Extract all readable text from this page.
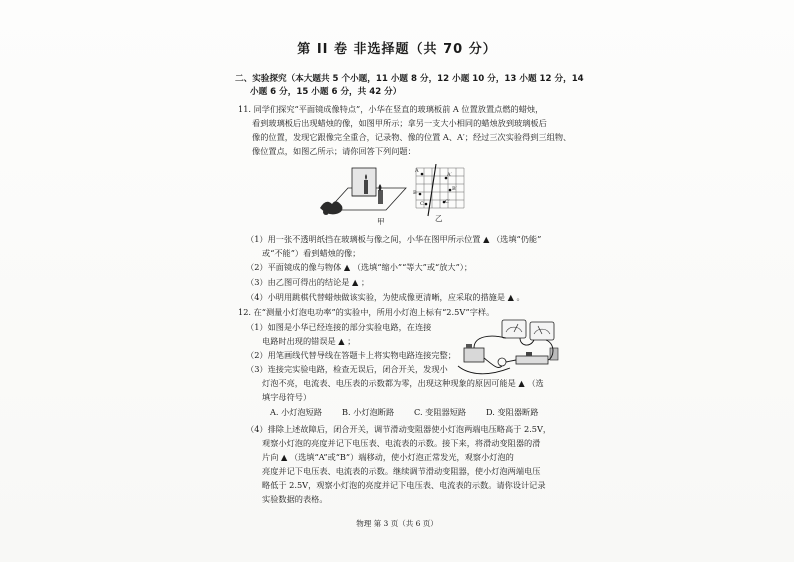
第 II 卷 非选择题（共 70 分）
二、实验探究（本大题共 5 个小题，11 小题 8 分，12 小题 10 分，13 小题 12 分，14
小题 6 分，15 小题 6 分，共 42 分）
11. 同学们探究“平面镜成像特点”，小华在竖直的玻璃板前 A 位置放置点燃的蜡烛，
看到玻璃板后出现蜡烛的像，如图甲所示；拿另一支大小相同的蜡烛放到玻璃板后
像的位置，发现它跟像完全重合，记录物、像的位置 A、A′；经过三次实验得到三组物、
像位置点，如图乙所示；请你回答下列问题：
甲
A
A′
B
B′
C	C′
乙
（1）用一张不透明纸挡在玻璃板与像之间，小华在图甲所示位置 ▲ （选填“仍能”
或“不能”）看到蜡烛的像；
（2）平面镜成的像与物体 ▲ （选填“缩小”“等大”或“放大”）；
（3）由乙图可得出的结论是 ▲ ；
（4）小明用跳棋代替蜡烛做该实验，为使成像更清晰，应采取的措施是 ▲ 。
12. 在“测量小灯泡电功率”的实验中，所用小灯泡上标有“2.5V”字样。
（1）如图是小华已经连接的部分实验电路，在连接
电路时出现的错误是 ▲ ；
（2）用笔画线代替导线在答题卡上将实物电路连接完整；
（3）连接完实验电路，检查无误后，闭合开关，发现小
灯泡不亮，电流表、电压表的示数都为零，出现这种现象的原因可能是 ▲ （选
填字母符号）
A. 小灯泡短路 B. 小灯泡断路 C. 变阻器短路 D. 变阻器断路
（4）排除上述故障后，闭合开关，调节滑动变阻器使小灯泡两端电压略高于 2.5V，
观察小灯泡的亮度并记下电压表、电流表的示数。接下来，将滑动变阻器的滑
片向 ▲ （选填“A”或“B”）端移动，使小灯泡正常发光，观察小灯泡的
亮度并记下电压表、电流表的示数。继续调节滑动变阻器，使小灯泡两端电压
略低于 2.5V，观察小灯泡的亮度并记下电压表、电流表的示数。请你设计记录
实验数据的表格。
物理 第 3 页（共 6 页）
